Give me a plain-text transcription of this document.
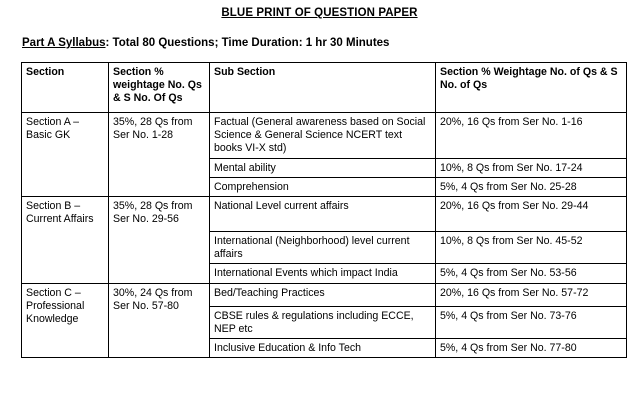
BLUE PRINT OF QUESTION PAPER
Part A Syllabus: Total 80 Questions; Time Duration: 1 hr 30 Minutes
Section	Section % weightage No. Qs & S No. Of Qs	Sub Section	Section % Weightage No. of Qs & S No. of Qs
Section A – Basic GK	35%, 28 Qs from Ser No. 1-28	Factual (General awareness based on Social Science & General Science NCERT text books VI-X std)	20%, 16 Qs from Ser No. 1-16
		Mental ability	10%, 8 Qs from Ser No. 17-24
		Comprehension	5%, 4 Qs from Ser No. 25-28
Section B – Current Affairs	35%, 28 Qs from Ser No. 29-56	National Level current affairs	20%, 16 Qs from Ser No. 29-44
		International (Neighborhood) level current affairs	10%, 8 Qs from Ser No. 45-52
		International Events which impact India	5%, 4 Qs from Ser No. 53-56
Section C – Professional Knowledge	30%, 24 Qs from Ser No. 57-80	Bed/Teaching Practices	20%, 16 Qs from Ser No. 57-72
		CBSE rules & regulations including ECCE, NEP etc	5%, 4 Qs from Ser No. 73-76
		Inclusive Education & Info Tech	5%, 4 Qs from Ser No. 77-80
